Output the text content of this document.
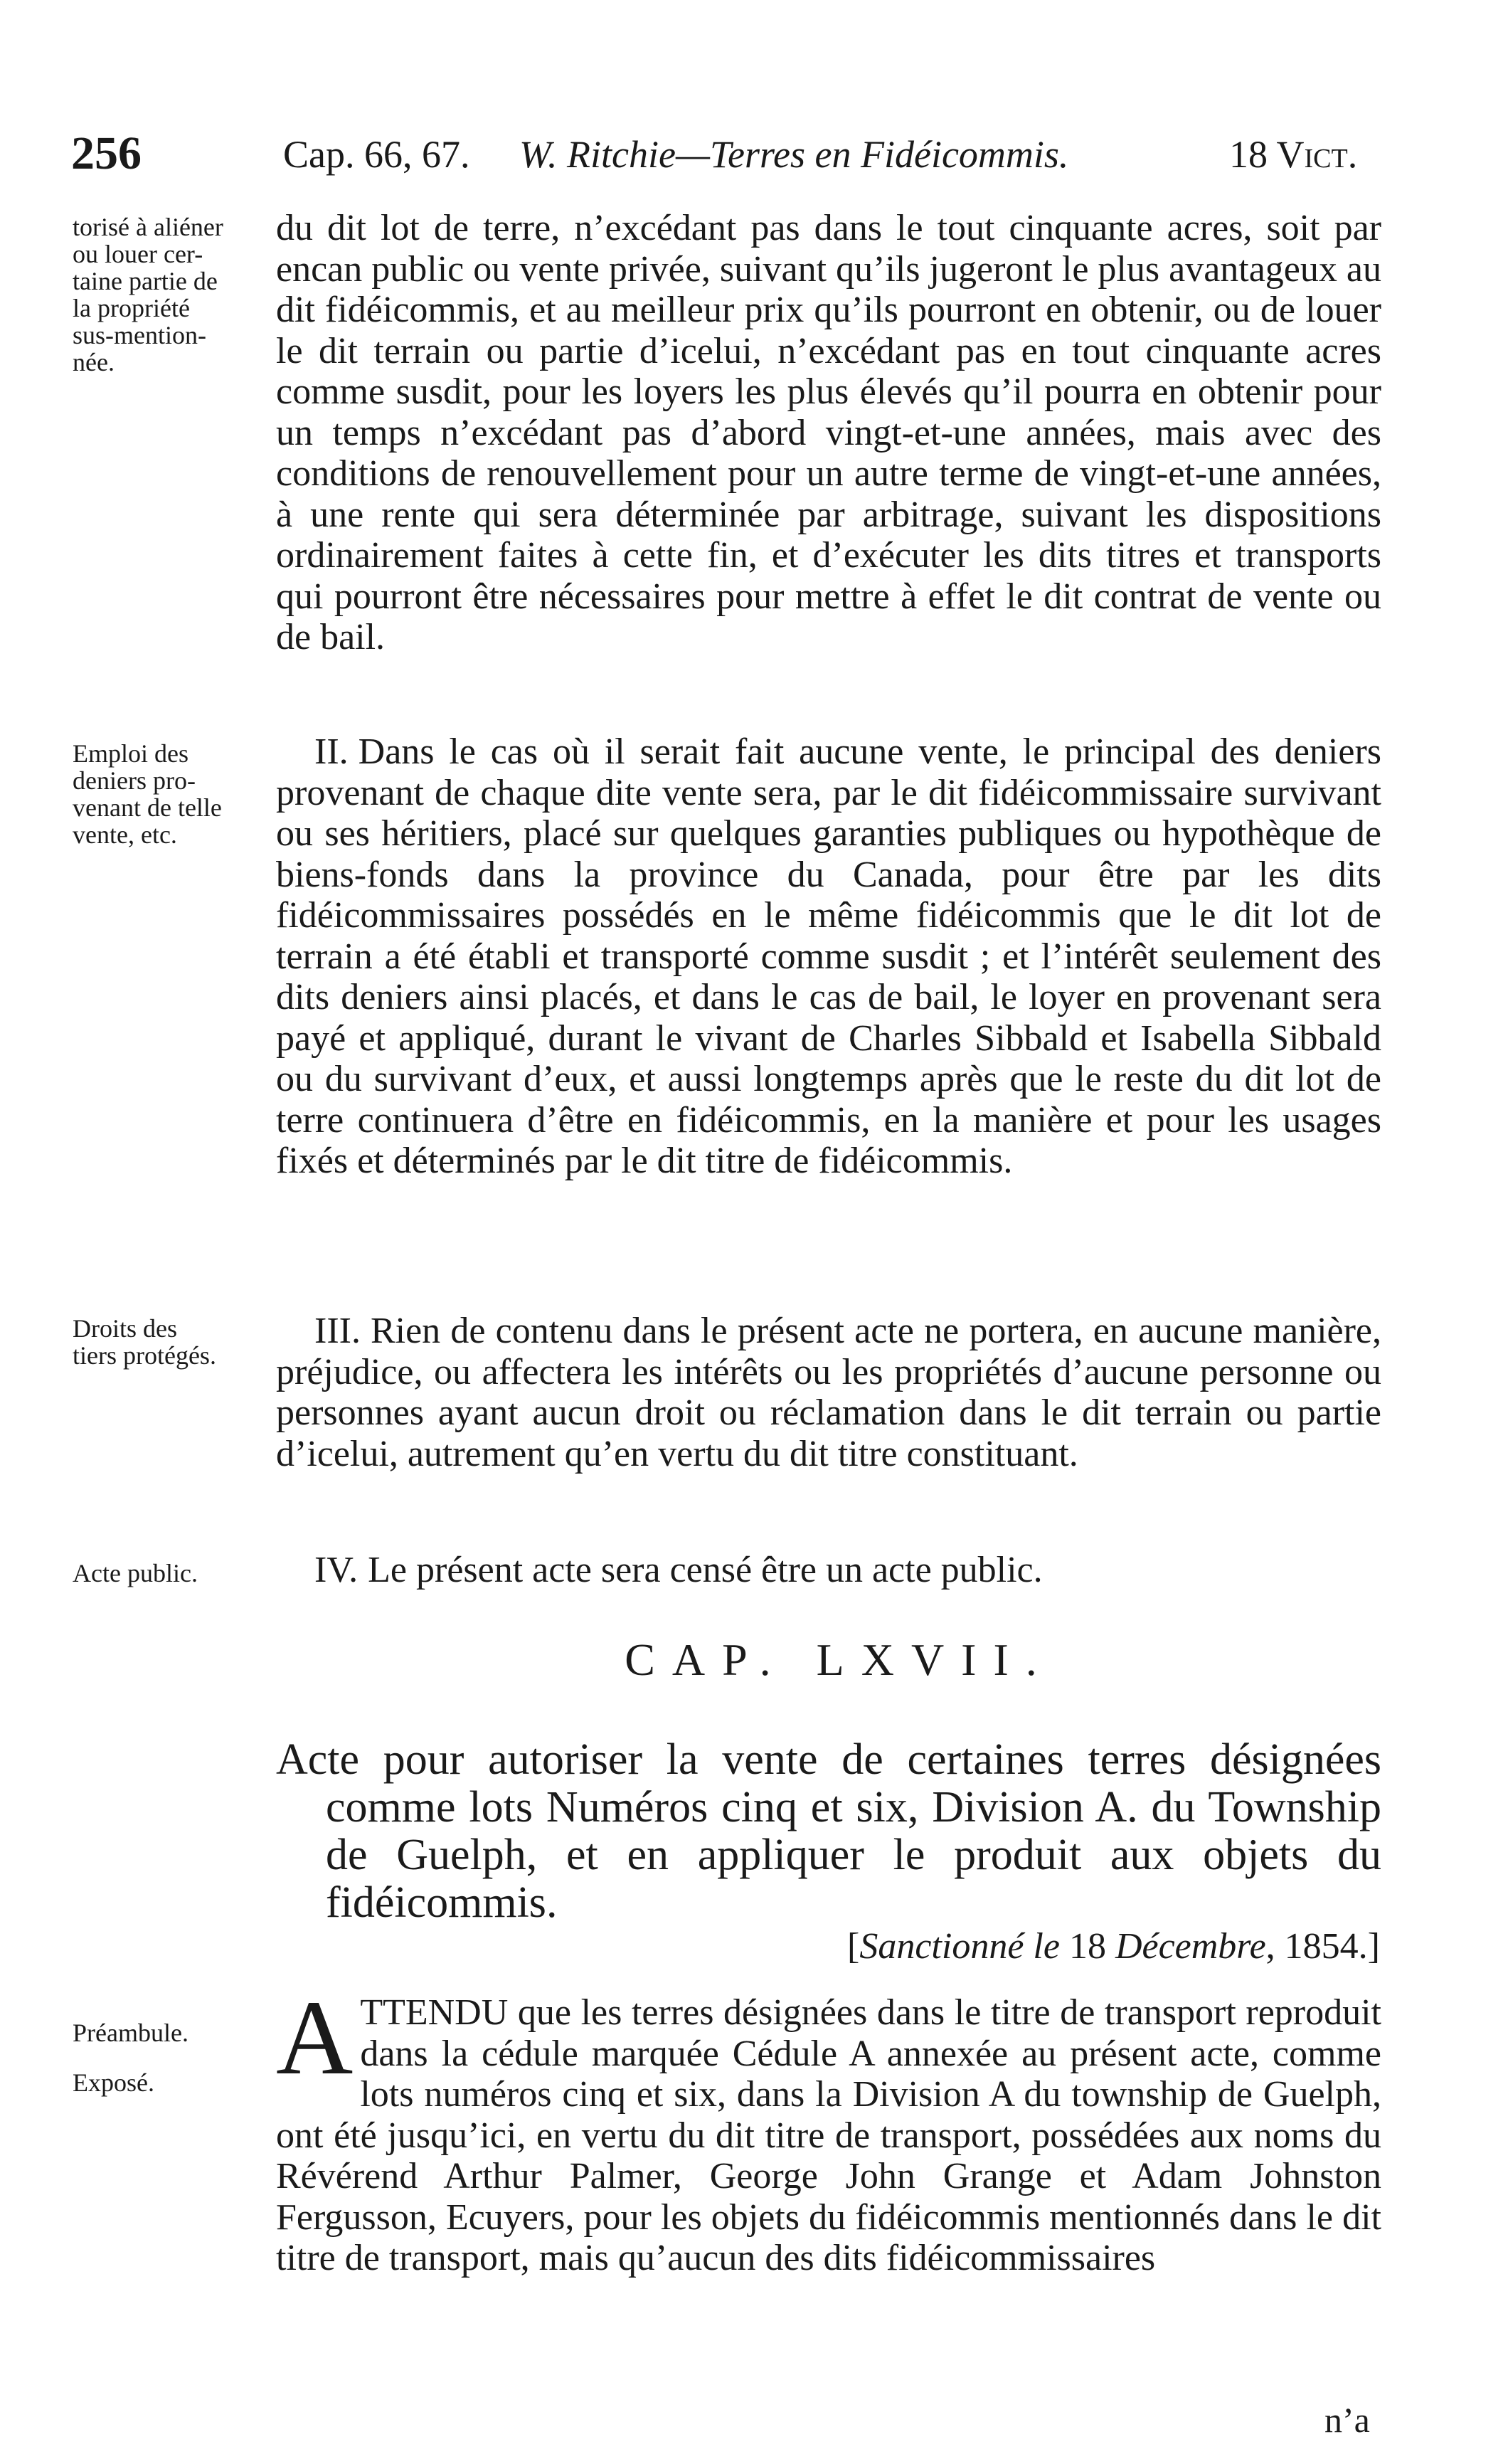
256	Cap. 66, 67. W. Ritchie—Terres en Fidéicommis.	18 Vict.
torisé à aliéner
ou louer cer-
taine partie de
la propriété
sus-mention-
née.
du dit lot de terre, n’excédant pas dans le tout cinquante acres, soit par encan public ou vente privée, suivant qu’ils jugeront le plus avantageux au dit fidéicommis, et au meilleur prix qu’ils pourront en obtenir, ou de louer le dit terrain ou partie d’icelui, n’excédant pas en tout cinquante acres comme susdit, pour les loyers les plus élevés qu’il pourra en obtenir pour un temps n’excédant pas d’abord vingt-et-une années, mais avec des conditions de renouvellement pour un autre terme de vingt-et-une années, à une rente qui sera déterminée par arbitrage, suivant les dispositions ordinairement faites à cette fin, et d’exécuter les dits titres et transports qui pourront être nécessaires pour mettre à effet le dit contrat de vente ou de bail.
Emploi des
deniers pro-
venant de telle
vente, etc.
II. Dans le cas où il serait fait aucune vente, le principal des deniers provenant de chaque dite vente sera, par le dit fidéicommissaire survivant ou ses héritiers, placé sur quelques garanties publiques ou hypothèque de biens-fonds dans la province du Canada, pour être par les dits fidéicommissaires possédés en le même fidéicommis que le dit lot de terrain a été établi et transporté comme susdit ; et l’intérêt seulement des dits deniers ainsi placés, et dans le cas de bail, le loyer en provenant sera payé et appliqué, durant le vivant de Charles Sibbald et Isabella Sibbald ou du survivant d’eux, et aussi longtemps après que le reste du dit lot de terre continuera d’être en fidéicommis, en la manière et pour les usages fixés et déterminés par le dit titre de fidéicommis.
Droits des
tiers protégés.
III. Rien de contenu dans le présent acte ne portera, en aucune manière, préjudice, ou affectera les intérêts ou les propriétés d’aucune personne ou personnes ayant aucun droit ou réclamation dans le dit terrain ou partie d’icelui, autrement qu’en vertu du dit titre constituant.
Acte public.	IV. Le présent acte sera censé être un acte public.
CAP. LXVII.
Acte pour autoriser la vente de certaines terres désignées comme lots Numéros cinq et six, Division A. du Township de Guelph, et en appliquer le produit aux objets du fidéicommis.
[Sanctionné le 18 Décembre, 1854.]
Préambule.
Exposé.	ATTENDU que les terres désignées dans le titre de transport reproduit dans la cédule marquée Cédule A annexée au présent acte, comme lots numéros cinq et six, dans la Division A du township de Guelph, ont été jusqu’ici, en vertu du dit titre de transport, possédées aux noms du Révérend Arthur Palmer, George John Grange et Adam Johnston Fergusson, Ecuyers, pour les objets du fidéicommis mentionnés dans le dit titre de transport, mais qu’aucun des dits fidéicommissaires
n’a
